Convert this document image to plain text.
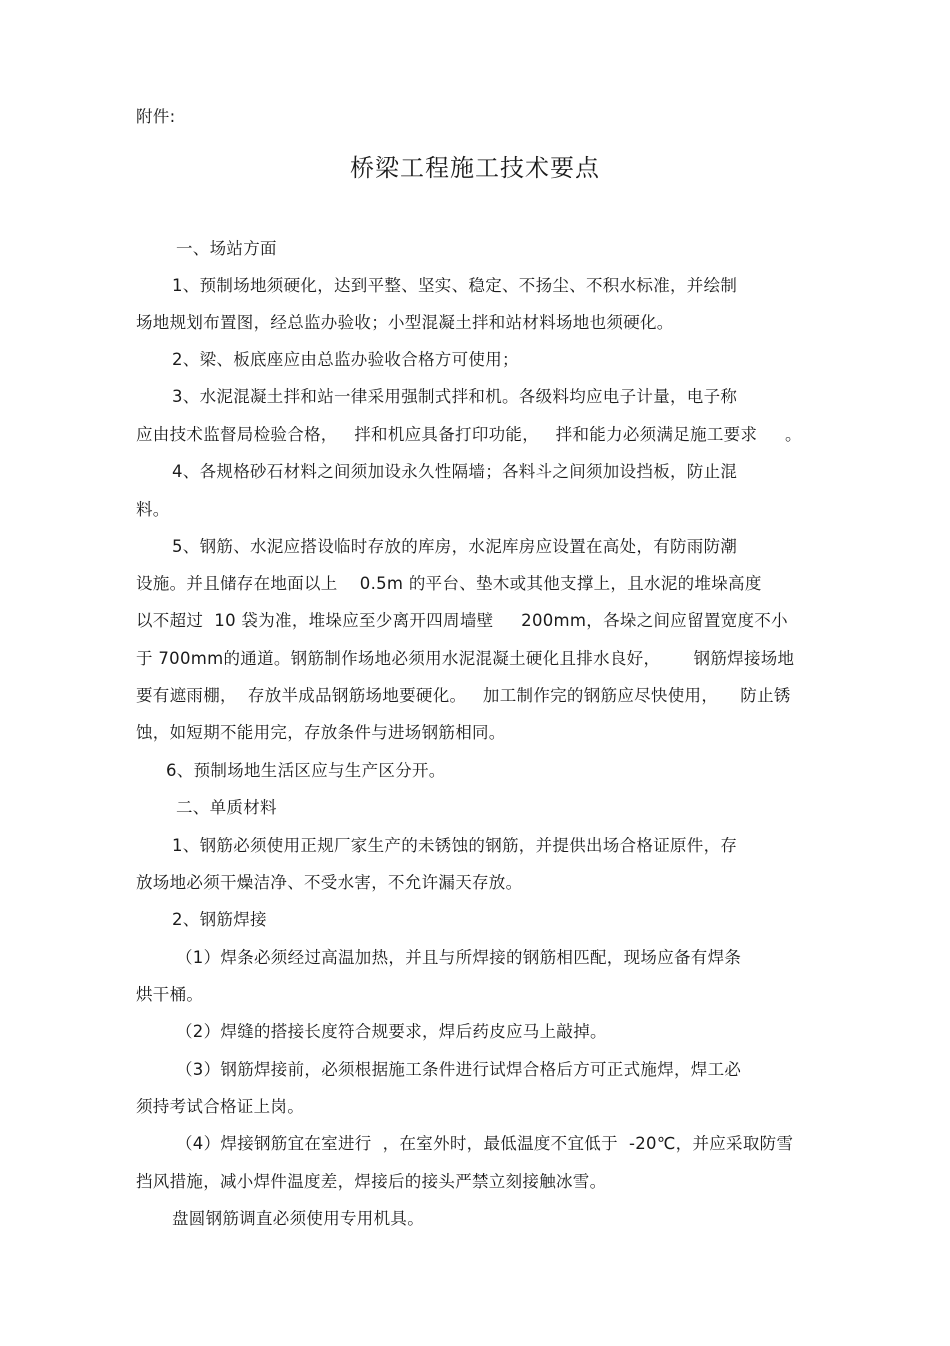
附件:
桥梁工程施工技术要点
一、场站方面
1、预制场地须硬化，达到平整、坚实、稳定、不扬尘、不积水标准，并绘制
场地规划布置图，经总监办验收；小型混凝土拌和站材料场地也须硬化。
2、梁、板底座应由总监办验收合格方可使用；
3、水泥混凝土拌和站一律采用强制式拌和机。各级料均应电子计量，电子称
应由技术监督局检验合格，   拌和机应具备打印功能，   拌和能力必须满足施工要求     。
4、各规格砂石材料之间须加设永久性隔墙；各料斗之间须加设挡板，防止混
料。
5、钢筋、水泥应搭设临时存放的库房，水泥库房应设置在高处，有防雨防潮
设施。并且储存在地面以上    0.5m 的平台、垫木或其他支撑上，且水泥的堆垛高度
以不超过  10 袋为准，堆垛应至少离开四周墙壁     200mm，各垛之间应留置宽度不小
于 700mm的通道。钢筋制作场地必须用水泥混凝土硬化且排水良好，      钢筋焊接场地
要有遮雨棚，  存放半成品钢筋场地要硬化。   加工制作完的钢筋应尽快使用，    防止锈
蚀，如短期不能用完，存放条件与进场钢筋相同。
6、预制场地生活区应与生产区分开。
二、单质材料
1、钢筋必须使用正规厂家生产的未锈蚀的钢筋，并提供出场合格证原件，存
放场地必须干燥洁净、不受水害，不允许漏天存放。
2、钢筋焊接
（1）焊条必须经过高温加热，并且与所焊接的钢筋相匹配，现场应备有焊条
烘干桶。
（2）焊缝的搭接长度符合规要求，焊后药皮应马上敲掉。
（3）钢筋焊接前，必须根据施工条件进行试焊合格后方可正式施焊，焊工必
须持考试合格证上岗。
（4）焊接钢筋宜在室进行  ，在室外时，最低温度不宜低于  -20℃，并应采取防雪
挡风措施，减小焊件温度差，焊接后的接头严禁立刻接触冰雪。
盘圆钢筋调直必须使用专用机具。
